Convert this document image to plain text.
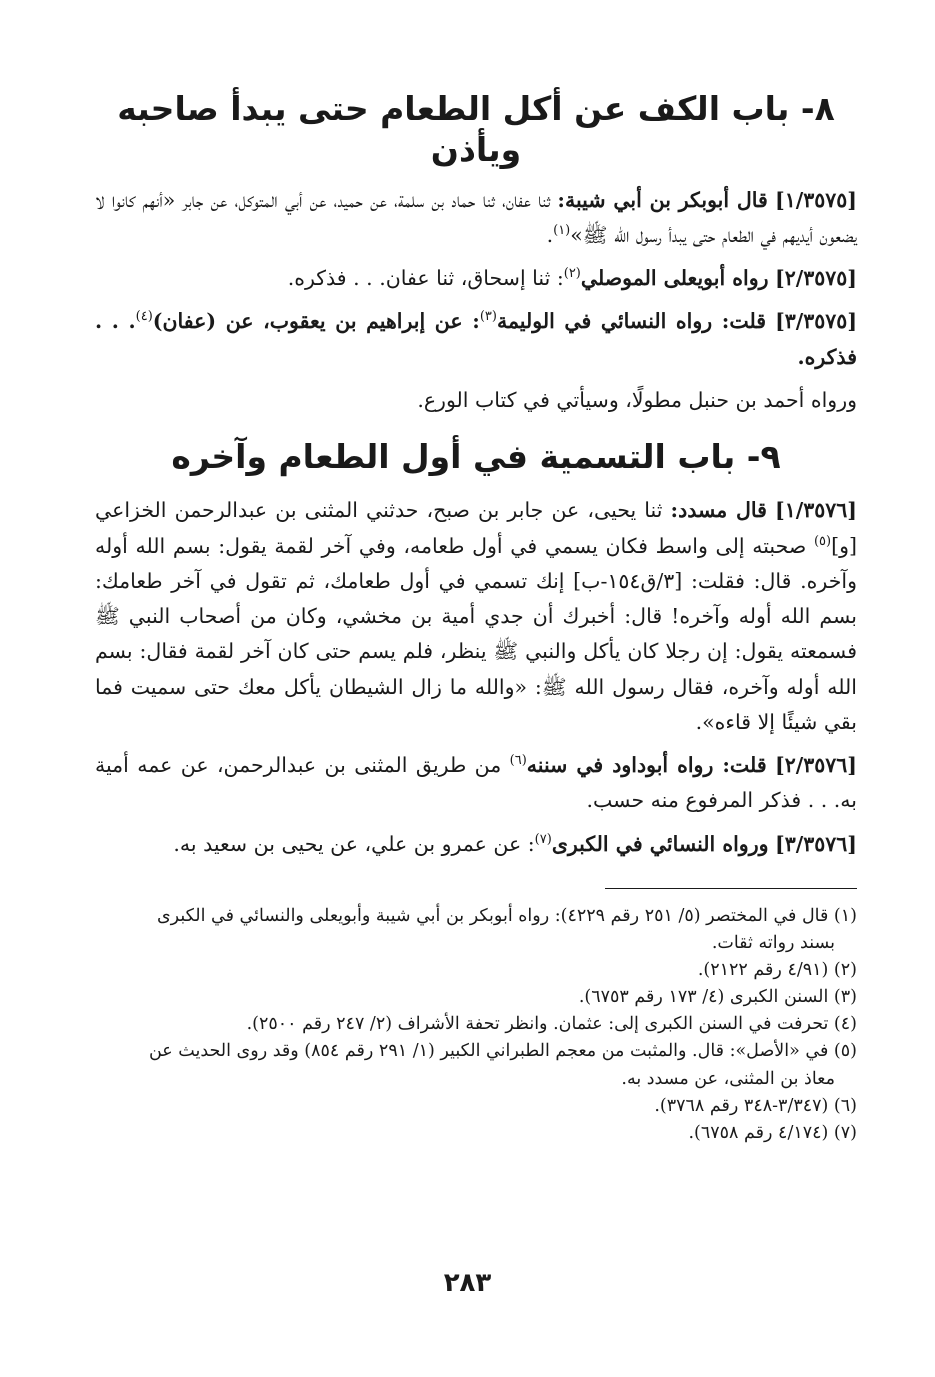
٨- باب الكف عن أكل الطعام حتى يبدأ صاحبه ويأذن

[١/٣٥٧٥] قال أبوبكر بن أبي شيبة: ثنا عفان، ثنا حماد بن سلمة، عن حميد، عن أبي المتوكل، عن جابر «أنهم كانوا لا يضعون أيديهم في الطعام حتى يبدأ رسول الله ﷺ»$^{(١)}$.

[٢/٣٥٧٥] رواه أبويعلى الموصلي$^{(٢)}$: ثنا إسحاق، ثنا عفان. . . فذكره.

[٣/٣٥٧٥] قلت: رواه النسائي في الوليمة$^{(٣)}$: عن إبراهيم بن يعقوب، عن (عفان)$^{(٤)}$. . . فذكره.

ورواه أحمد بن حنبل مطولًا، وسيأتي في كتاب الورع.

٩- باب التسمية في أول الطعام وآخره

[١/٣٥٧٦] قال مسدد: ثنا يحيى، عن جابر بن صبح، حدثني المثنى بن عبدالرحمن الخزاعي [و]$^{(٥)}$ صحبته إلى واسط فكان يسمي في أول طعامه، وفي آخر لقمة يقول: بسم الله أوله وآخره. قال: فقلت: [٣/ق١٥٤-ب] إنك تسمي في أول طعامك، ثم تقول في آخر طعامك: بسم الله أوله وآخره! قال: أخبرك أن جدي أمية بن مخشي، وكان من أصحاب النبي ﷺ فسمعته يقول: إن رجلا كان يأكل والنبي ﷺ ينظر، فلم يسم حتى كان آخر لقمة فقال: بسم الله أوله وآخره، فقال رسول الله ﷺ: «والله ما زال الشيطان يأكل معك حتى سميت فما بقي شيئًا إلا قاءه».

[٢/٣٥٧٦] قلت: رواه أبوداود في سننه$^{(٦)}$ من طريق المثنى بن عبدالرحمن، عن عمه أمية به. . . فذكر المرفوع منه حسب.

[٣/٣٥٧٦] ورواه النسائي في الكبرى$^{(٧)}$: عن عمرو بن علي، عن يحيى بن سعيد به.

(١) قال في المختصر (٥/ ٢٥١ رقم ٤٢٢٩): رواه أبوبكر بن أبي شيبة وأبويعلى والنسائي في الكبرى

بسند رواته ثقات.

(٢) (٤/٩١ رقم ٢١٢٢).

(٣) السنن الكبرى (٤/ ١٧٣ رقم ٦٧٥٣).

(٤) تحرفت في السنن الكبرى إلى: عثمان. وانظر تحفة الأشراف (٢/ ٢٤٧ رقم ٢٥٠٠).

(٥) في «الأصل»: قال. والمثبت من معجم الطبراني الكبير (١/ ٢٩١ رقم ٨٥٤) وقد روى الحديث عن

معاذ بن المثنى، عن مسدد به.

(٦) (٣/٣٤٧-٣٤٨ رقم ٣٧٦٨).

(٧) (٤/١٧٤ رقم ٦٧٥٨).

٢٨٣
